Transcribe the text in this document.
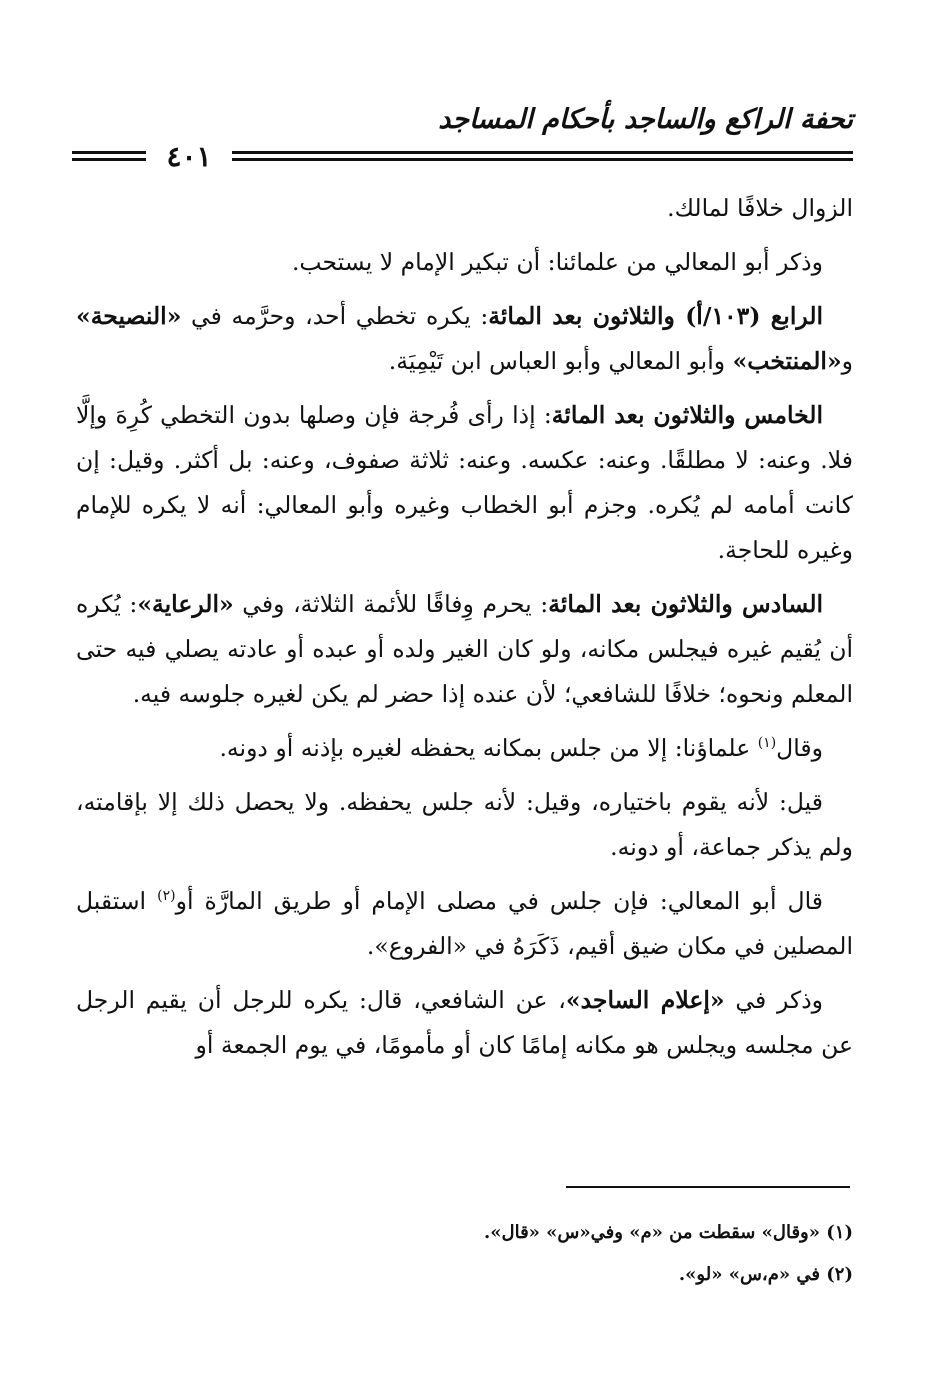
تحفة الراكع والساجد بأحكام المساجد
٤٠١

الزوال خلافًا لمالك.

وذكر أبو المعالي من علمائنا: أن تبكير الإمام لا يستحب.

الرابع (١٠٣/أ) والثلاثون بعد المائة: يكره تخطي أحد، وحرَّمه في «النصيحة» و«المنتخب» وأبو المعالي وأبو العباس ابن تَيْمِيَة.

الخامس والثلاثون بعد المائة: إذا رأى فُرجة فإن وصلها بدون التخطي كُرِهَ وإلَّا فلا. وعنه: لا مطلقًا. وعنه: عكسه. وعنه: ثلاثة صفوف، وعنه: بل أكثر. وقيل: إن كانت أمامه لم يُكره. وجزم أبو الخطاب وغيره وأبو المعالي: أنه لا يكره للإمام وغيره للحاجة.

السادس والثلاثون بعد المائة: يحرم وِفاقًا للأئمة الثلاثة، وفي «الرعاية»: يُكره أن يُقيم غيره فيجلس مكانه، ولو كان الغير ولده أو عبده أو عادته يصلي فيه حتى المعلم ونحوه؛ خلافًا للشافعي؛ لأن عنده إذا حضر لم يكن لغيره جلوسه فيه.

وقال$^{(١)}$ علماؤنا: إلا من جلس بمكانه يحفظه لغيره بإذنه أو دونه.

قيل: لأنه يقوم باختياره، وقيل: لأنه جلس يحفظه. ولا يحصل ذلك إلا بإقامته، ولم يذكر جماعة، أو دونه.

قال أبو المعالي: فإن جلس في مصلى الإمام أو طريق المارَّة أو$^{(٢)}$ استقبل المصلين في مكان ضيق أقيم، ذَكَرَهُ في «الفروع».

وذكر في «إعلام الساجد»، عن الشافعي، قال: يكره للرجل أن يقيم الرجل عن مجلسه ويجلس هو مكانه إمامًا كان أو مأمومًا، في يوم الجمعة أو

(١) «وقال» سقطت من «م» وفي«س» «قال».
(٢) في «م،س» «لو».
